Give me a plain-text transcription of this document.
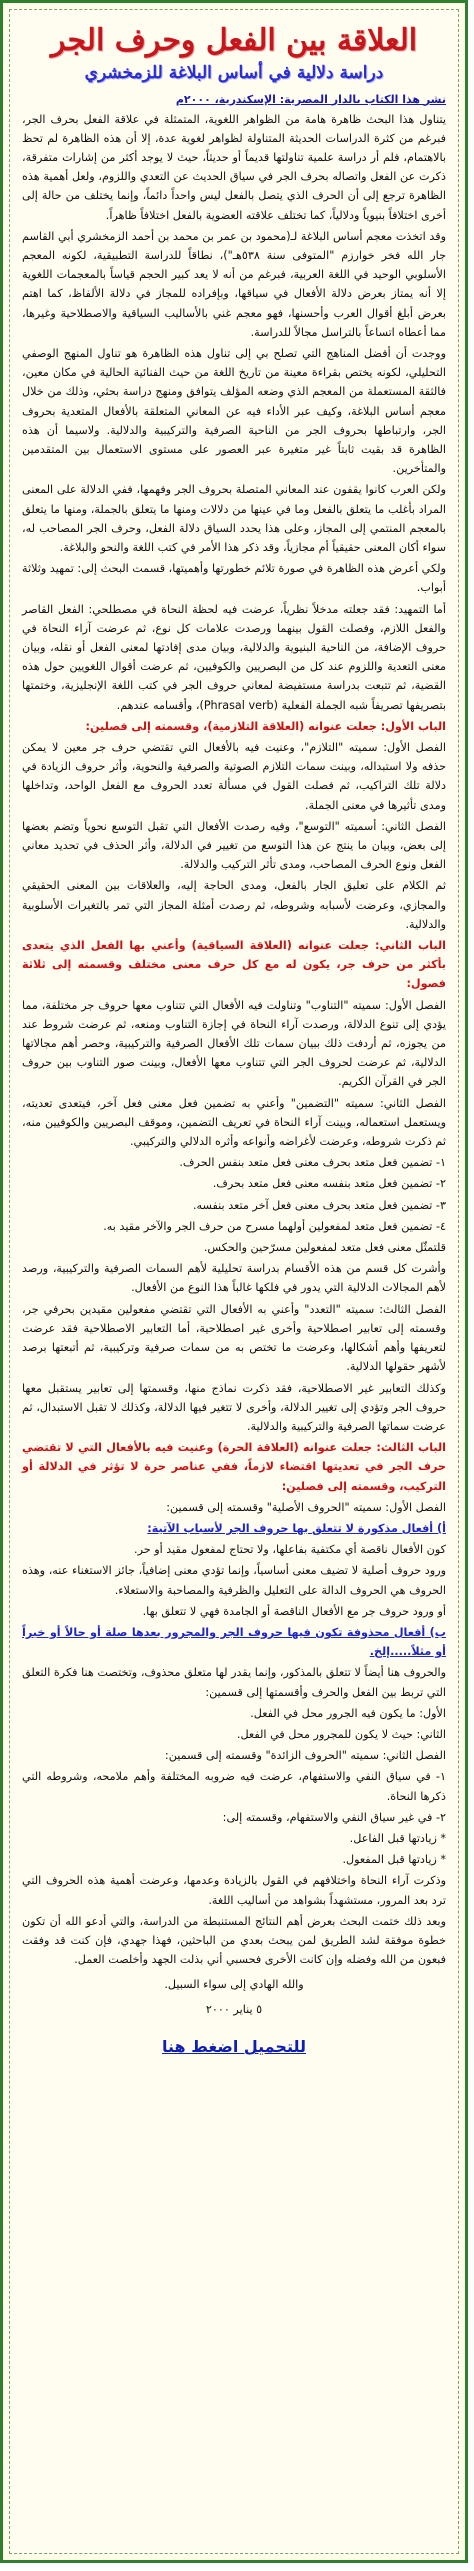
العلاقة بين الفعل وحرف الجر
دراسة دلالية في أساس البلاغة للزمخشري
نشر هذا الكتاب بالدار المصرية: الإسكندرية، ٢٠٠٠م

يتناول هذا البحث ظاهرة هامة من الظواهر اللغوية، المتمثلة في علاقة الفعل بحرف الجر، فبرغم من كثرة الدراسات الحديثة المتناولة لظواهر لغوية عدة، إلا أن هذه الظاهرة لم تحظ بالاهتمام، فلم أر دراسة علمية تناولتها قديماً أو حديثاً، حيث لا يوجد أكثر من إشارات متفرقة، ذكرت عن الفعل واتصاله بحرف الجر في سياق الحديث عن التعدي واللزوم، ولعل أهمية هذه الظاهرة ترجع إلى أن الحرف الذي يتصل بالفعل ليس واحداً دائماً، وإنما يختلف من حالة إلى أخرى اختلافاً بنيوياً ودلالياً، كما تختلف علاقته العضوية بالفعل اختلافاً ظاهراً.

وقد اتخذت معجم أساس البلاغة لـ(محمود بن عمر بن محمد بن أحمد الزمخشري أبي القاسم جار الله فخر خوارزم "المتوفى سنة ٥٣٨هـ")، نطاقاً للدراسة التطبيقية، لكونه المعجم الأسلوبي الوحيد في اللغة العربية، فبرغم من أنه لا يعد كبير الحجم قياساً بالمعجمات اللغوية إلا أنه يمتاز بعرض دلالة الأفعال في سياقها، وبإفراده للمجاز في دلالة الألفاظ، كما اهتم بعرض أبلغ أقوال العرب وأحسنها، فهو معجم غني بالأساليب السياقية والاصطلاحية وغيرها، مما أعطاه اتساعاً بالتراسل مجالاً للدراسة.

ووجدت أن أفضل المناهج التي تصلح بي إلى تناول هذه الظاهرة هو تناول المنهج الوصفي التحليلي، لكونه يختص بقراءة معينة من تاريخ اللغة من حيث الفنائية الحالية في مكان معين، فالثقة المستعملة من المعجم الذي وضعه المؤلف يتوافق ومنهج دراسة بحثي، وذلك من خلال معجم أساس البلاغة، وكيف عبر الأداء فيه عن المعاني المتعلقة بالأفعال المتعدية بحروف الجر، وارتباطها بحروف الجر من الناحية الصرفية والتركيبية والدلالية. ولاسيما أن هذه الظاهرة قد بقيت ثابتاً غير متغيرة عبر العصور على مستوى الاستعمال بين المتقدمين والمتأخرين.

ولكن العرب كانوا يقفون عند المعاني المتصلة بحروف الجر وفهمها، ففي الدلالة على المعنى المراد بأغلب ما يتعلق بالفعل وما في عينها من دلالات ومنها ما يتعلق بالجملة، ومنها ما يتعلق بالمعجم المنتمي إلى المجاز، وعلى هذا يحدد السياق دلالة الفعل، وحرف الجر المصاحب له، سواء أكان المعنى حقيقياً أم مجازياً، وقد ذكر هذا الأمر في كتب اللغة والنحو والبلاغة.

ولكي أعرض هذه الظاهرة في صورة تلائم خطورتها وأهميتها، قسمت البحث إلى: تمهيد وثلاثة أبواب.

أما التمهيد: فقد جعلته مدخلاً نظرياً، عرضت فيه لحظة النحاة في مصطلحي: الفعل القاصر والفعل اللازم، وفصلت القول بينهما ورصدت علامات كل نوع، ثم عرضت آراء النحاة في حروف الإضافة، من الناحية البنيوية والدلالية، وبيان مدى إفادتها لمعنى الفعل أو نقله، وبيان معنى التعدية واللزوم عند كل من البصريين والكوفيين، ثم عرضت أقوال اللغويين حول هذه القضية، ثم تتبعت بدراسة مستفيضة لمعاني حروف الجر في كتب اللغة الإنجليزية، وختمتها بتصريفها تصريفاً شبه الجملة الفعلية (Phrasal verb)، وأقسامه عندهم.

الباب الأول: جعلت عنوانه (العلاقة التلازمية)، وقسمته إلى فصلين:

الفصل الأول: سميته "التلازم"، وعنيت فيه بالأفعال التي تقتضي حرف جر معين لا يمكن حذفه ولا استبداله، وبينت سمات التلازم الصوتية والصرفية والنحوية، وأثر حروف الزيادة في دلالة تلك التراكيب، ثم فصلت القول في مسألة تعدد الحروف مع الفعل الواحد، وتداخلها ومدى تأثيرها في معنى الجملة.

الفصل الثاني: أسميته "التوسع"، وفيه رصدت الأفعال التي تقبل التوسع نحوياً وتضم بعضها إلى بعض، وبيان ما ينتج عن هذا التوسع من تغيير في الدلالة، وأثر الحذف في تحديد معاني الفعل ونوع الحرف المصاحب، ومدى تأثر التركيب والدلالة.

ثم الكلام على تعليق الجار بالفعل، ومدى الحاجة إليه، والعلاقات بين المعنى الحقيقي والمجازي، وعرضت لأسبابه وشروطه، ثم رصدت أمثلة المجاز التي تمر بالتغيرات الأسلوبية والدلالية.

الباب الثاني: جعلت عنوانه (العلاقة السياقية) وأعني بها الفعل الذي يتعدى بأكثر من حرف جر، يكون له مع كل حرف معنى مختلف وقسمته إلى ثلاثة فصول:

الفصل الأول: سميته "التناوب" وتناولت فيه الأفعال التي تتناوب معها حروف جر مختلفة، مما يؤدي إلى تنوع الدلالة، ورصدت آراء النحاة في إجازة التناوب ومنعه، ثم عرضت شروط عند من يجوزه، ثم أردفت ذلك ببيان سمات تلك الأفعال الصرفية والتركيبية، وحصر أهم مجالاتها الدلالية، ثم عرضت لحروف الجر التي تتناوب معها الأفعال، وبينت صور التناوب بين حروف الجر في القرآن الكريم.

الفصل الثاني: سميته "التضمين" وأعني به تضمين فعل معنى فعل آخر، فيتعدى تعديته، ويستعمل استعماله، وبينت آراء النحاة في تعريف التضمين، وموقف البصريين والكوفيين منه، ثم ذكرت شروطه، وعرضت لأغراضه وأنواعه وأثره الدلالي والتركيبي.

١- تضمين فعل متعد بحرف معنى فعل متعد بنفس الحرف.

٢- تضمين فعل متعد بنفسه معنى فعل متعد بحرف.

٣- تضمين فعل متعد بحرف معنى فعل آخر متعد بنفسه.

٤- تضمين فعل متعد لمفعولين أولهما مسرح من حرف الجر والآخر مقيد به.

قلتمثّل معنى فعل متعد لمفعولين مسرّحين والحكس.

وأشرت كل قسم من هذه الأقسام بدراسة تحليلية لأهم السمات الصرفية والتركيبية، ورصد لأهم المجالات الدلالية التي يدور في فلكها غالباً هذا النوع من الأفعال.

الفصل الثالث: سميته "التعدد" وأعني به الأفعال التي تقتضي مفعولين مقيدين بحرفي جر، وقسمته إلى تعابير اصطلاحية وأخرى غير اصطلاحية، أما التعابير الاصطلاحية فقد عرضت لتعريفها وأهم أشكالها، وعرضت ما تختص به من سمات صرفية وتركيبية، ثم أتبعتها برصد لأشهر حقولها الدلالية.

وكذلك التعابير غير الاصطلاحية، فقد ذكرت نماذج منها، وقسمتها إلى تعابير يستقبل معها حروف الجر وتؤدي إلى تغيير الدلالة، وأخرى لا تتغير فيها الدلالة، وكذلك لا تقبل الاستبدال، ثم عرضت سماتها الصرفية والتركيبية والدلالية.

الباب الثالث: جعلت عنوانه (العلاقة الحرة) وعنيت فيه بالأفعال التي لا تقتضي حرف الجر في تعديتها اقتضاء لازماً، ففي عناصر حرة لا تؤثر في الدلالة أو التركيب، وقسمته إلى فصلين:

الفصل الأول: سميته "الحروف الأصلية" وقسمته إلى قسمين:

أ) أفعال مذكورة لا تتعلق بها حروف الجر لأسباب الآتية:

كون الأفعال ناقصة أي مكتفية بفاعلها، ولا تحتاج لمفعول مقيد أو حر.

ورود حروف أصلية لا تضيف معنى أساسياً، وإنما تؤدي معنى إضافياً، جائز الاستغناء عنه، وهذه الحروف هي الحروف الدالة على التعليل والظرفية والمصاحبة والاستعلاء.

أو ورود حروف جر مع الأفعال الناقصة أو الجامدة فهي لا تتعلق بها.

ب) أفعال محذوفة تكون فيها حروف الجر والمجرور بعدها صلة أو حالاً أو خبراً أو مثلاً.....إلخ.

والحروف هنا أيضاً لا تتعلق بالمذكور، وإنما يقدر لها متعلق محذوف، وتختصت هنا فكرة التعلق التي تربط بين الفعل والحرف وأقسمتها إلى قسمين:

الأول: ما يكون فيه الجرور محل في الفعل.

الثاني: حيث لا يكون للمجرور محل في الفعل.

الفصل الثاني: سميته "الحروف الزائدة" وقسمته إلى قسمين:

١- في سياق النفي والاستفهام، عرضت فيه ضروبه المختلفة وأهم ملامحه، وشروطه التي ذكرها النحاة.

٢- في غير سياق النفي والاستفهام، وقسمته إلى:

* زيادتها قبل الفاعل.

* زيادتها قبل المفعول.

وذكرت آراء النحاة واختلافهم في القول بالزيادة وعدمها، وعرضت أهمية هذه الحروف التي ترد بعد المرور، مستشهداً بشواهد من أساليب اللغة.

وبعد ذلك ختمت البحث بعرض أهم النتائج المستنبطة من الدراسة، والتي أدعو الله أن تكون خطوة موفقة لشد الطريق لمن يبحث بعدي من الباحثين، فهذا جهدي، فإن كنت قد وفقت فبعون من الله وفضله وإن كانت الأخرى فحسبي أني بذلت الجهد وأخلصت العمل.

والله الهادي إلى سواء السبيل.

٥ يناير ٢٠٠٠

للتحميل اضغط هنا
